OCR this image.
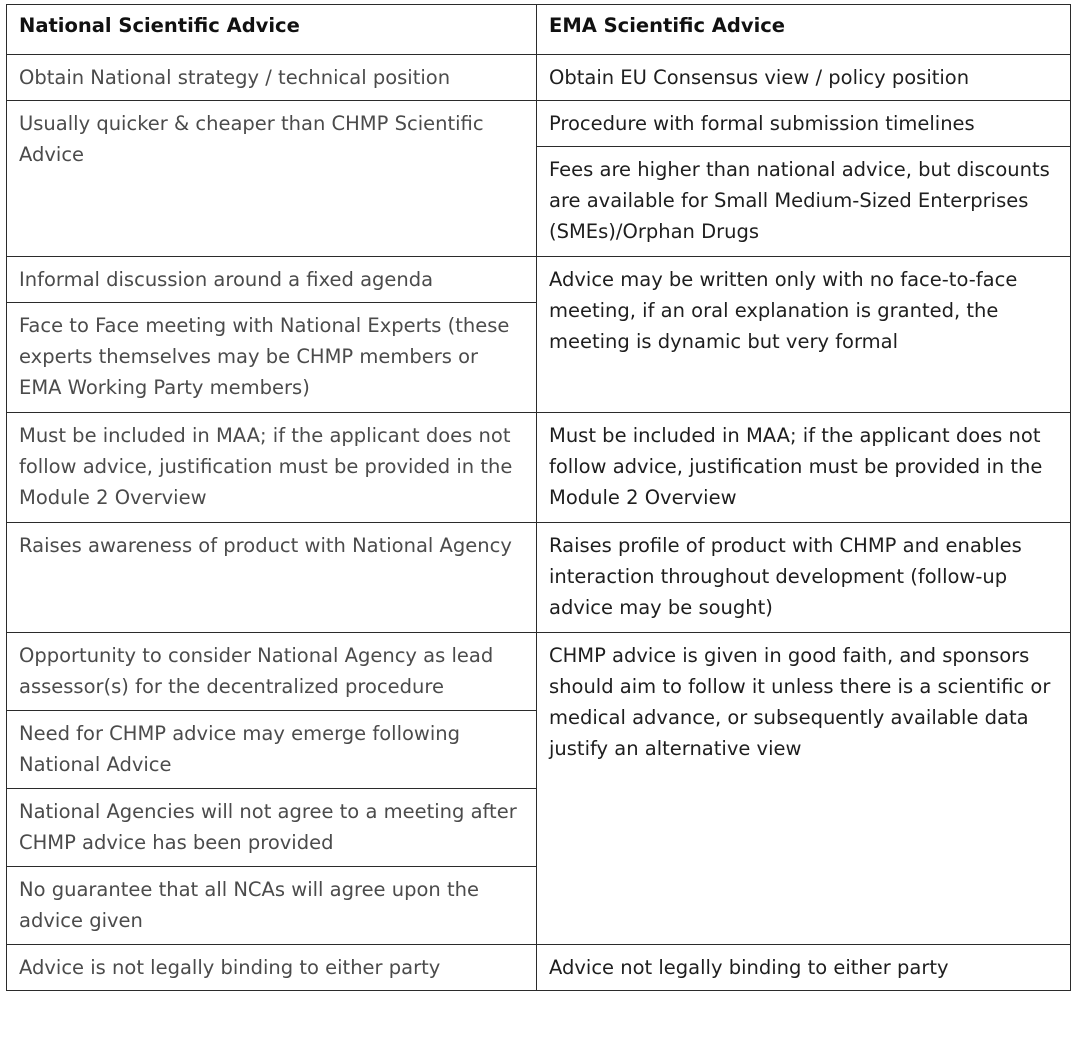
National Scientific Advice	EMA Scientific Advice
Obtain National strategy / technical position	Obtain EU Consensus view / policy position
Usually quicker & cheaper than CHMP Scientific Advice	Procedure with formal submission timelines
	Fees are higher than national advice, but discounts are available for Small Medium-Sized Enterprises (SMEs)/Orphan Drugs
Informal discussion around a fixed agenda	Advice may be written only with no face-to-face meeting, if an oral explanation is granted, the meeting is dynamic but very formal
Face to Face meeting with National Experts (these experts themselves may be CHMP members or EMA Working Party members)	
Must be included in MAA; if the applicant does not follow advice, justification must be provided in the Module 2 Overview	Must be included in MAA; if the applicant does not follow advice, justification must be provided in the Module 2 Overview
Raises awareness of product with National Agency	Raises profile of product with CHMP and enables interaction throughout development (follow-up advice may be sought)
Opportunity to consider National Agency as lead assessor(s) for the decentralized procedure	CHMP advice is given in good faith, and sponsors should aim to follow it unless there is a scientific or medical advance, or subsequently available data justify an alternative view
Need for CHMP advice may emerge following National Advice	
National Agencies will not agree to a meeting after CHMP advice has been provided	
No guarantee that all NCAs will agree upon the advice given	
Advice is not legally binding to either party	Advice not legally binding to either party
